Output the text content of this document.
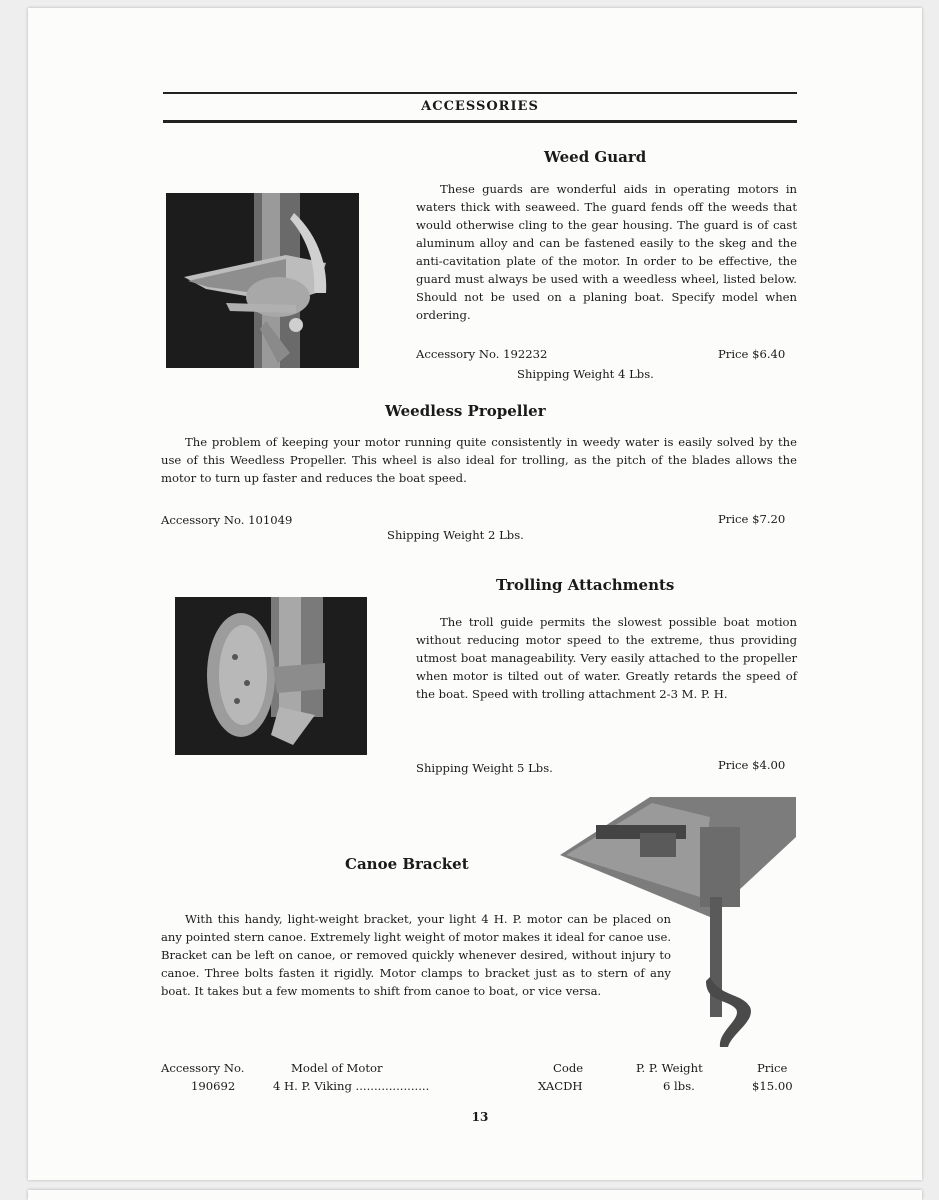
ACCESSORIES
Weed Guard
These guards are wonderful aids in operating motors in waters thick with seaweed. The guard fends off the weeds that would otherwise cling to the gear housing. The guard is of cast aluminum alloy and can be fastened easily to the skeg and the anti-cavitation plate of the motor. In order to be effective, the guard must always be used with a weedless wheel, listed below. Should not be used on a planing boat. Specify model when ordering.
Accessory No. 192232	Price $6.40
Shipping Weight 4 Lbs.
Weedless Propeller
The problem of keeping your motor running quite consistently in weedy water is easily solved by the use of this Weedless Propeller. This wheel is also ideal for trolling, as the pitch of the blades allows the motor to turn up faster and reduces the boat speed.
Accessory No. 101049	Price $7.20
Shipping Weight 2 Lbs.
Trolling Attachments
The troll guide permits the slowest possible boat motion without reducing motor speed to the extreme, thus providing utmost boat manageability. Very easily attached to the propeller when motor is tilted out of water. Greatly retards the speed of the boat. Speed with trolling attachment 2-3 M. P. H.
Shipping Weight 5 Lbs.	Price $4.00
Canoe Bracket
With this handy, light-weight bracket, your light 4 H. P. motor can be placed on any pointed stern canoe. Extremely light weight of motor makes it ideal for canoe use. Bracket can be left on canoe, or removed quickly whenever desired, without injury to canoe. Three bolts fasten it rigidly. Motor clamps to bracket just as to stern of any boat. It takes but a few moments to shift from canoe to boat, or vice versa.
Accessory No.	Model of Motor	Code	P. P. Weight	Price
190692	4 H. P. Viking ....................	XACDH	6 lbs.	$15.00
13
